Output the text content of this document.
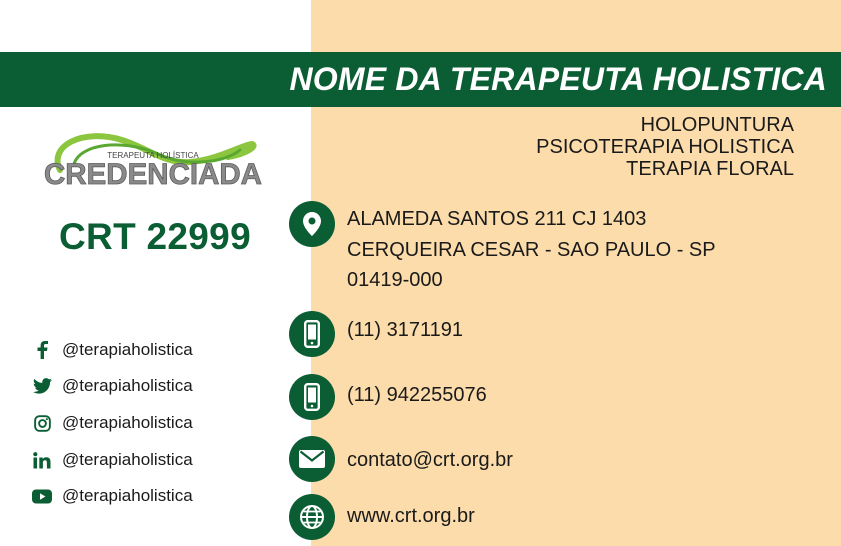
NOME DA TERAPEUTA HOLISTICA
HOLOPUNTURA
PSICOTERAPIA HOLISTICA
TERAPIA FLORAL
TERAPEUTA HOLÍSTICA
CREDENCIADA
CRT 22999
@terapiaholistica
@terapiaholistica
@terapiaholistica
@terapiaholistica
@terapiaholistica
ALAMEDA SANTOS 211 CJ 1403
CERQUEIRA CESAR - SAO PAULO - SP
01419-000
(11) 3171191
(11) 942255076
contato@crt.org.br
www.crt.org.br
